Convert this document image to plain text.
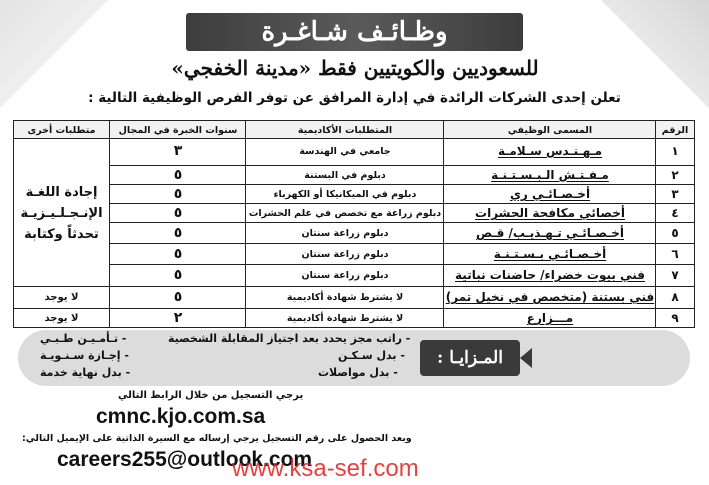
وظـائـف شـاغـرة
للسعوديين والكويتيين فقط «مدينة الخفجي»
تعلن إحدى الشركات الرائدة في إدارة المرافق عن توفر الفرص الوظيفية التالية :
الرقم
المسمى الوظيفي
المتطلبات الأكاديمية
سنوات الخبرة في المجال
متطلبات أخرى
١
مـهـنـدس سـلامـة
جامعي في الهندسة
٣
٢
مـفـتـش الـبـسـتـنـة
دبلوم في البستنة
٥
٣
أخـصـائـي ري
دبلوم في الميكانيكا أو الكهرباء
٥
٤
أخصائي مكافحة الحشرات
دبلوم زراعة مع تخصص في علم الحشرات
٥
٥
أخـصـائـي تـهـذيـب/ قـص
دبلوم زراعة سنتان
٥
٦
أخـصـائـي بـسـتـنـة
دبلوم زراعة سنتان
٥
٧
فني بيوت خضراء/ حاضنات نباتية
دبلوم زراعة سنتان
٥
٨
فني بستنة (متخصص في نخيل تمر)
لا يشترط شهادة أكاديمية
٥
لا يوجد
٩
مـــزارع
لا يشترط شهادة أكاديمية
٢
لا يوجد
إجادة اللغـة
الإنـجـلـيـزيـة
تحدثاً وكتابة
المـزايـا :
- راتب مجز يحدد بعد اجتياز المقابلة الشخصية
- بدل سـكـن
- بدل مواصلات
- تـأمـيـن طـبـي
- إجـازة سـنـويـة
- بدل نهاية خدمة
يرجي التسجيل من خلال الرابط التالي
cmnc.kjo.com.sa
وبعد الحصول على رقم التسجيل يرجي إرساله مع السيرة الذاتية على الإيميل التالي:
careers255@outlook.com
www.ksa-sef.com
